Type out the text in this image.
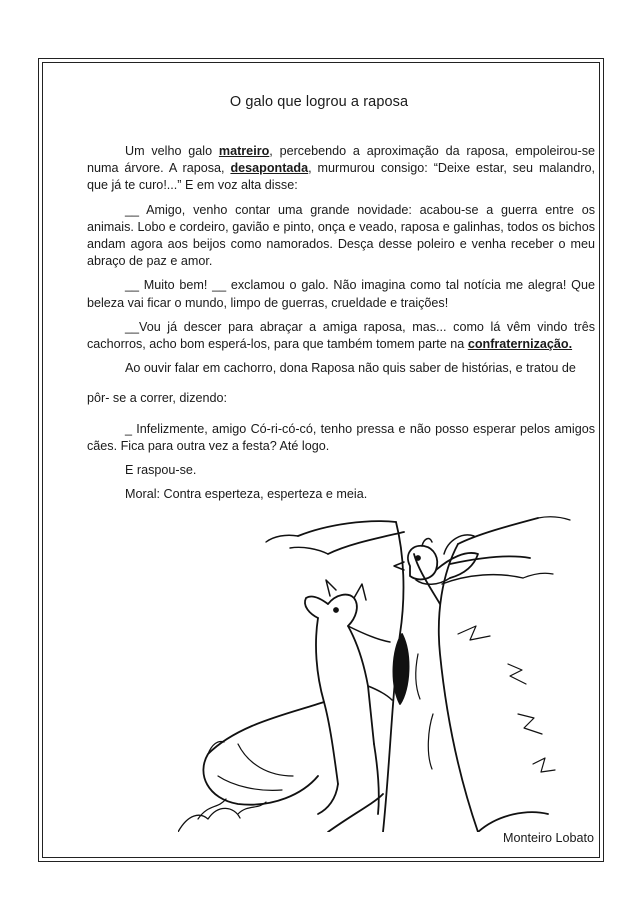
O galo que logrou a raposa

Um velho galo matreiro, percebendo a aproximação da raposa, empoleirou-se numa árvore. A raposa, desapontada, murmurou consigo: “Deixe estar, seu malandro, que já te curo!...” E em voz alta disse:

__ Amigo, venho contar uma grande novidade: acabou-se a guerra entre os animais. Lobo e cordeiro, gavião e pinto, onça e veado, raposa e galinhas, todos os bichos andam agora aos beijos como namorados. Desça desse poleiro e venha receber o meu abraço de paz e amor.

__ Muito bem! __ exclamou o galo. Não imagina como tal notícia me alegra! Que beleza vai ficar o mundo, limpo de guerras, crueldade e traições!

__Vou já descer para abraçar a amiga raposa, mas... como lá vêm vindo três cachorros, acho bom esperá-los, para que também tomem parte na confraternização.

Ao ouvir falar em cachorro, dona Raposa não quis saber de histórias, e tratou de

pôr- se a correr, dizendo:

_ Infelizmente, amigo Có-ri-có-có, tenho pressa e não posso esperar pelos amigos cães. Fica para outra vez a festa? Até logo.

E raspou-se.

Moral: Contra esperteza, esperteza e meia.

Monteiro Lobato
